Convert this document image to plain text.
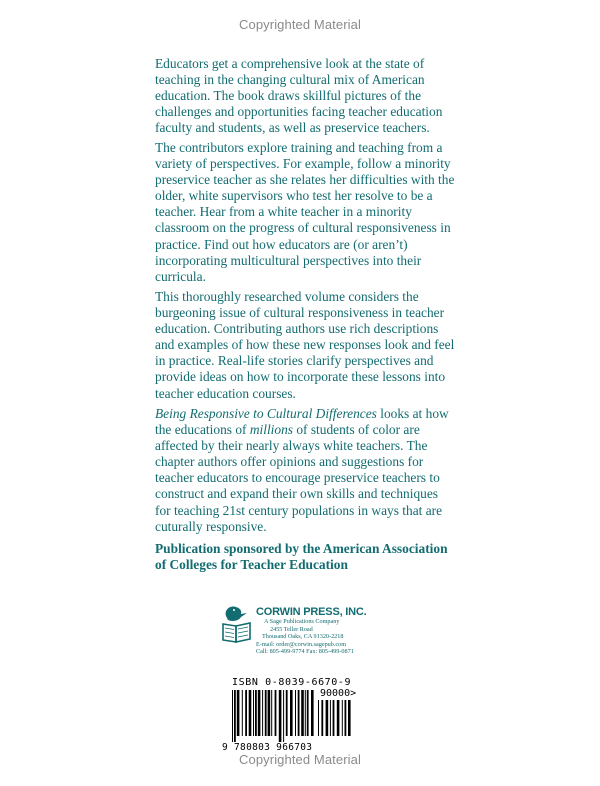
Copyrighted Material

Educators get a comprehensive look at the state of teaching in the changing cultural mix of American education. The book draws skillful pictures of the challenges and opportunities facing teacher education faculty and students, as well as preservice teachers.

The contributors explore training and teaching from a variety of perspectives. For example, follow a minority preservice teacher as she relates her difficulties with the older, white supervisors who test her resolve to be a teacher. Hear from a white teacher in a minority classroom on the progress of cultural responsiveness in practice. Find out how educators are (or aren’t) incorporating multicultural perspectives into their curricula.

This thoroughly researched volume considers the burgeoning issue of cultural responsiveness in teacher education. Contributing authors use rich descriptions and examples of how these new responses look and feel in practice. Real-life stories clarify perspectives and provide ideas on how to incorporate these lessons into teacher education courses.

Being Responsive to Cultural Differences looks at how the educations of millions of students of color are affected by their nearly always white teachers. The chapter authors offer opinions and suggestions for teacher educators to encourage preservice teachers to construct and expand their own skills and techniques for teaching 21st century populations in ways that are cuturally responsive.

Publication sponsored by the American Association of Colleges for Teacher Education

CORWIN PRESS, INC.
A Sage Publications Company
2455 Teller Road
Thousand Oaks, CA 91320-2218
E-mail: order@corwin.sagepub.com
Call: 805-499-9774 Fax: 805-499-0871
ISBN 0-8039-6670-9
90000>
9 780803 966703
Copyrighted Material
